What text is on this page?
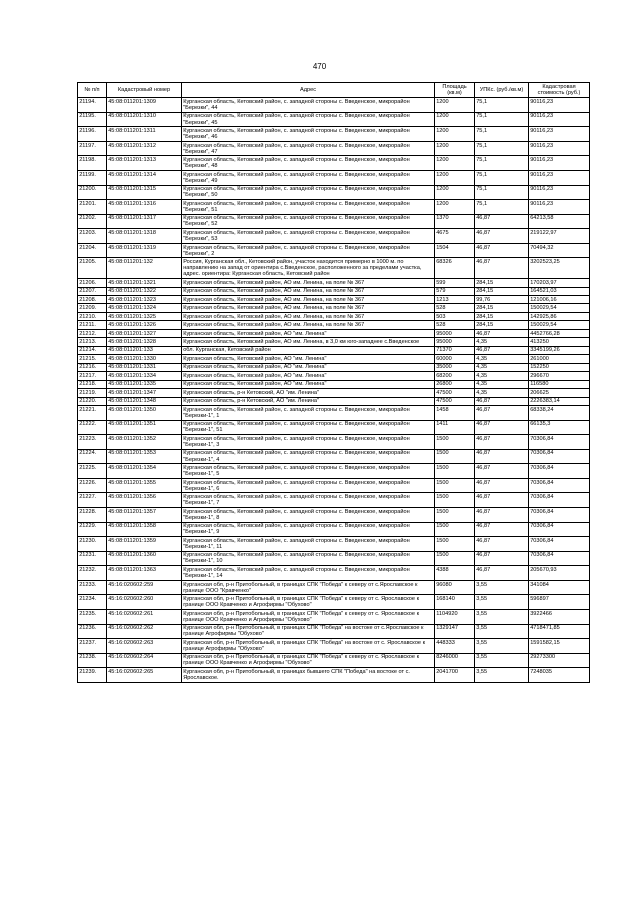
470
№ п/п	Кадастровый номер	Адрес	Площадь (кв.м)	УПКс. (руб./кв.м)	Кадастровая стоимость (руб.)
21194.	45:08:011201:1309	Курганская область, Кетовский район, с. западной стороны с. Введенское, микрорайон "Березки", 44	1200	75,1	90116,23
21195.	45:08:011201:1310	Курганская область, Кетовский район, с. западной стороны с. Введенское, микрорайон "Березки", 45	1200	75,1	90116,23
21196.	45:08:011201:1311	Курганская область, Кетовский район, с. западной стороны с. Введенское, микрорайон "Березки", 46	1200	75,1	90116,23
21197.	45:08:011201:1312	Курганская область, Кетовский район, с. западной стороны с. Введенское, микрорайон "Березки", 47	1200	75,1	90116,23
21198.	45:08:011201:1313	Курганская область, Кетовский район, с. западной стороны с. Введенское, микрорайон "Березки", 48	1200	75,1	90116,23
21199.	45:08:011201:1314	Курганская область, Кетовский район, с. западной стороны с. Введенское, микрорайон "Березки", 49	1200	75,1	90116,23
21200.	45:08:011201:1315	Курганская область, Кетовский район, с. западной стороны с. Введенское, микрорайон "Березки", 50	1200	75,1	90116,23
21201.	45:08:011201:1316	Курганская область, Кетовский район, с. западной стороны с. Введенское, микрорайон "Березки", 51	1200	75,1	90116,23
21202.	45:08:011201:1317	Курганская область, Кетовский район, с. западной стороны с. Введенское, микрорайон "Березки", 52	1370	46,87	64213,58
21203.	45:08:011201:1318	Курганская область, Кетовский район, с. западной стороны с. Введенское, микрорайон "Березки", 53	4675	46,87	219122,97
21204.	45:08:011201:1319	Курганская область, Кетовский район, с. западной стороны с. Введенское, микрорайон "Березки", 2	1504	46,87	70494,32
21205.	45:08:011201:132	Россия, Курганская обл., Кетовский район, участок находится примерно в 1000 м. по направлению на запад от ориентира с.Введенское, расположенного за пределами участка, адрес. ориентира: Курганская область, Кетовский район	68326	46,87	3202523,25
21206.	45:08:011201:1321	Курганская область, Кетовский район, АО им. Ленина, на поле № 367	599	284,15	170203,97
21207.	45:08:011201:1322	Курганская область, Кетовский район, АО им. Ленина, на поле № 367	579	284,15	164521,03
21208.	45:08:011201:1323	Курганская область, Кетовский район, АО им. Ленина, на поле № 367	1213	99,76	121006,16
21209.	45:08:011201:1324	Курганская область, Кетовский район, АО им. Ленина, на поле № 367	528	284,15	150029,54
21210.	45:08:011201:1325	Курганская область, Кетовский район, АО им. Ленина, на поле № 367	503	284,15	142925,86
21211.	45:08:011201:1326	Курганская область, Кетовский район, АО им. Ленина, на поле № 367	528	284,15	150029,54
21212.	45:08:011201:1327	Курганская область, Кетовский район, АО "им. Ленина"	95000	46,87	4452766,28
21213.	45:08:011201:1328	Курганская область, Кетовский район, АО им. Ленина, в 3,0 км юго-западнее с.Введенское	95000	4,35	413250
21214.	45:08:011201:133	обл. Курганская, Кетовский район	71370	46,87	3345199,26
21215.	45:08:011201:1330	Курганская область, Кетовский район, АО "им. Ленина"	60000	4,35	261000
21216.	45:08:011201:1331	Курганская область, Кетовский район, АО "им. Ленина"	35000	4,35	152250
21217.	45:08:011201:1334	Курганская область, Кетовский район, АО "им. Ленина"	68200	4,35	296670
21218.	45:08:011201:1335	Курганская область, Кетовский район, АО "им. Ленина"	26800	4,35	116580
21219.	45:08:011201:1347	Курганская область, р-н Кетовский, АО "им. Ленина"	47500	4,35	206625
21220.	45:08:011201:1348	Курганская область, р-н Кетовский, АО "им. Ленина"	47500	46,87	2226383,14
21221.	45:08:011201:1350	Курганская область, Кетовский район, с. западной стороны с. Введенское, микрорайон "Березки-1", 1	1458	46,87	68338,24
21222.	45:08:011201:1351	Курганская область, Кетовский район, с. западной стороны с. Введенское, микрорайон "Березки-1", 51	1411	46,87	66135,3
21223.	45:08:011201:1352	Курганская область, Кетовский район, с. западной стороны с. Введенское, микрорайон "Березки-1", 3	1500	46,87	70306,84
21224.	45:08:011201:1353	Курганская область, Кетовский район, с. западной стороны с. Введенское, микрорайон "Березки-1", 4	1500	46,87	70306,84
21225.	45:08:011201:1354	Курганская область, Кетовский район, с. западной стороны с. Введенское, микрорайон "Березки-1", 5	1500	46,87	70306,84
21226.	45:08:011201:1355	Курганская область, Кетовский район, с. западной стороны с. Введенское, микрорайон "Березки-1", 6	1500	46,87	70306,84
21227.	45:08:011201:1356	Курганская область, Кетовский район, с. западной стороны с. Введенское, микрорайон "Березки-1", 7	1500	46,87	70306,84
21228.	45:08:011201:1357	Курганская область, Кетовский район, с. западной стороны с. Введенское, микрорайон "Березки-1", 8	1500	46,87	70306,84
21229.	45:08:011201:1358	Курганская область, Кетовский район, с. западной стороны с. Введенское, микрорайон "Березки-1", 9	1500	46,87	70306,84
21230.	45:08:011201:1359	Курганская область, Кетовский район, с. западной стороны с. Введенское, микрорайон "Березки-1", 11	1500	46,87	70306,84
21231.	45:08:011201:1360	Курганская область, Кетовский район, с. западной стороны с. Введенское, микрорайон "Березки-1", 10	1500	46,87	70306,84
21232.	45:08:011201:1363	Курганская область, Кетовский район, с. западной стороны с. Введенское, микрорайон "Березки-1", 14	4388	46,87	205670,93
21233.	45:16:020602:259	Курганская обл, р-н Притобольный, в границах СПК "Победа" к северу от с.Ярославское к границе ООО "Кравченко"	96080	3,55	341084
21234.	45:16:020602:260	Курганская обл, р-н Притобольный, в границах СПК "Победа" к северу от с. Ярославское к границе ООО Кравченко и Агрофирмы "Обухово"	168140	3,55	596897
21235.	45:16:020602:261	Курганская обл, р-н Притобольный, в границах СПК "Победа" к северу от с. Ярославское к границе ООО Кравченко и Агрофирмы "Обухово"	1104920	3,55	3922466
21236.	45:16:020602:262	Курганская обл, р-н Притобольный, в границах СПК "Победа" на востоке от с.Ярославское к границе Агрофирмы "Обухово"	1329147	3,55	4718471,85
21237.	45:16:020602:263	Курганская обл, р-н Притобольный, в границах СПК "Победа" на востоке от с. Ярославское к границе Агрофирмы "Обухово"	448333	3,55	1591582,15
21238.	45:16:020602:264	Курганская обл, р-н Притобольный, в границах СПК "Победа" к северу от с. Ярославское к границе ООО Кравченко и Агрофирмы "Обухово"	8246000	3,55	29273300
21239.	45:16:020602:265	Курганская обл, р-н Притобольный, в границах бывшего СПК "Победа" на востоке от с. Ярославское.	2041700	3,55	7248035
